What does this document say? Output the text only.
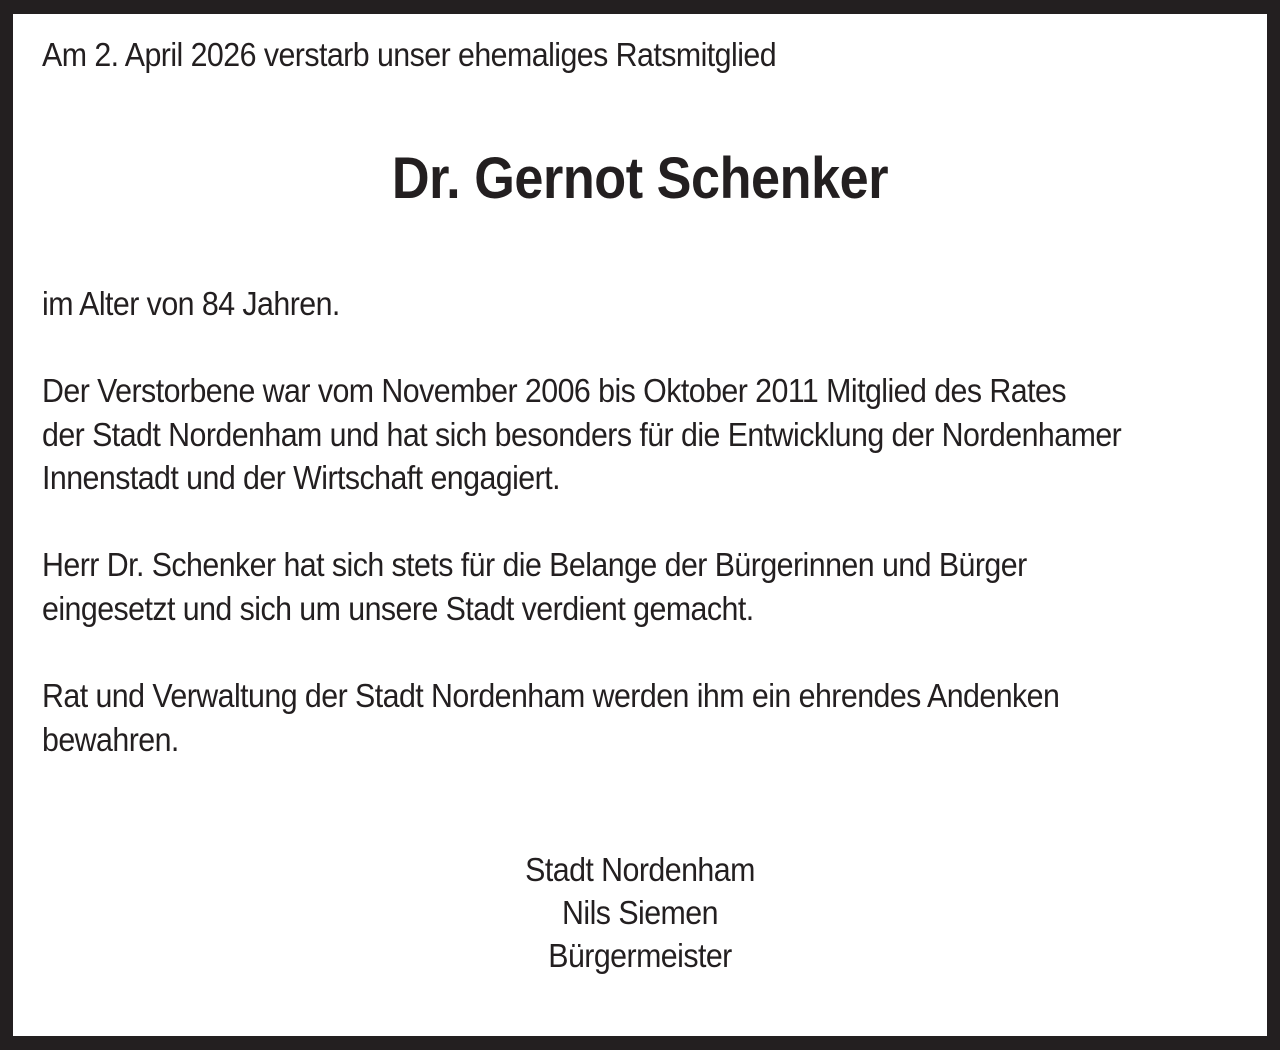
Am 2. April 2026 verstarb unser ehemaliges Ratsmitglied

Dr. Gernot Schenker

im Alter von 84 Jahren.

Der Verstorbene war vom November 2006 bis Oktober 2011 Mitglied des Rates

der Stadt Nordenham und hat sich besonders für die Entwicklung der Nordenhamer

Innenstadt und der Wirtschaft engagiert.

Herr Dr. Schenker hat sich stets für die Belange der Bürgerinnen und Bürger

eingesetzt und sich um unsere Stadt verdient gemacht.

Rat und Verwaltung der Stadt Nordenham werden ihm ein ehrendes Andenken

bewahren.

Stadt Nordenham

Nils Siemen

Bürgermeister
